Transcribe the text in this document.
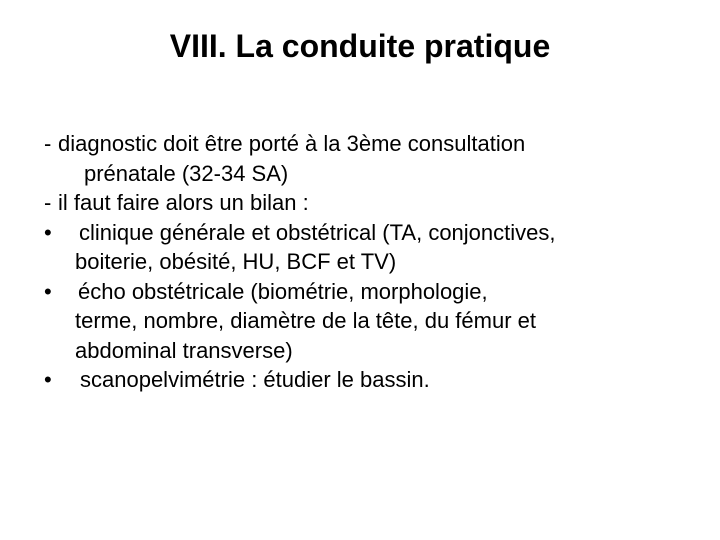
VIII. La conduite pratique
- diagnostic doit être porté à la 3ème consultation
prénatale (32-34 SA)
- il faut faire alors un bilan :
• clinique générale et obstétrical (TA, conjonctives,
boiterie, obésité, HU, BCF et TV)
• écho obstétricale (biométrie, morphologie,
terme, nombre, diamètre de la tête, du fémur et
abdominal transverse)
• scanopelvimétrie : étudier le bassin.
